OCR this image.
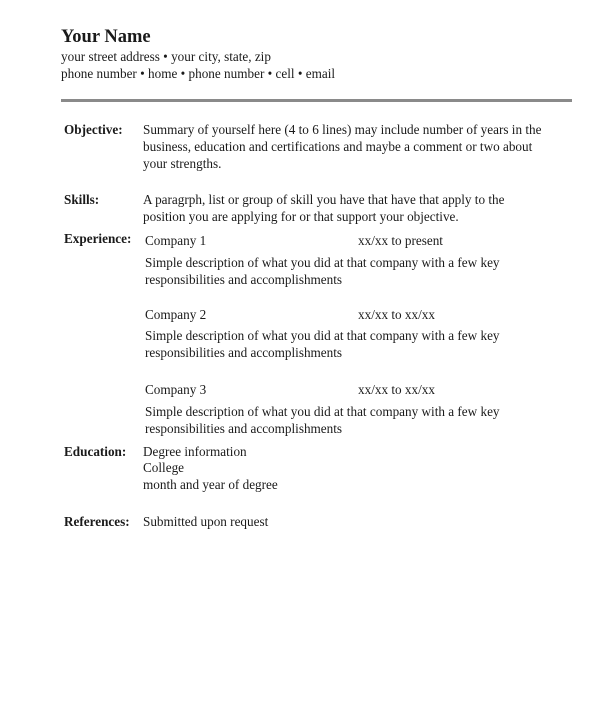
Your Name

your street address • your city, state, zip

phone number • home • phone number • cell • email

Objective: Summary of yourself here (4 to 6 lines) may include number of years in the
business, education and certifications and maybe a comment or two about
your strengths.
Skills:	A paragrph, list or group of skill you have that have that apply to the
position you are applying for or that support your objective.
Experience: Company 1	xx/xx to present
Simple description of what you did at that company with a few key
responsibilities and accomplishments
Company 2	xx/xx to xx/xx
Simple description of what you did at that company with a few key
responsibilities and accomplishments
Company 3	xx/xx to xx/xx
Simple description of what you did at that company with a few key
responsibilities and accomplishments
Education: Degree information
College
month and year of degree
References: Submitted upon request
